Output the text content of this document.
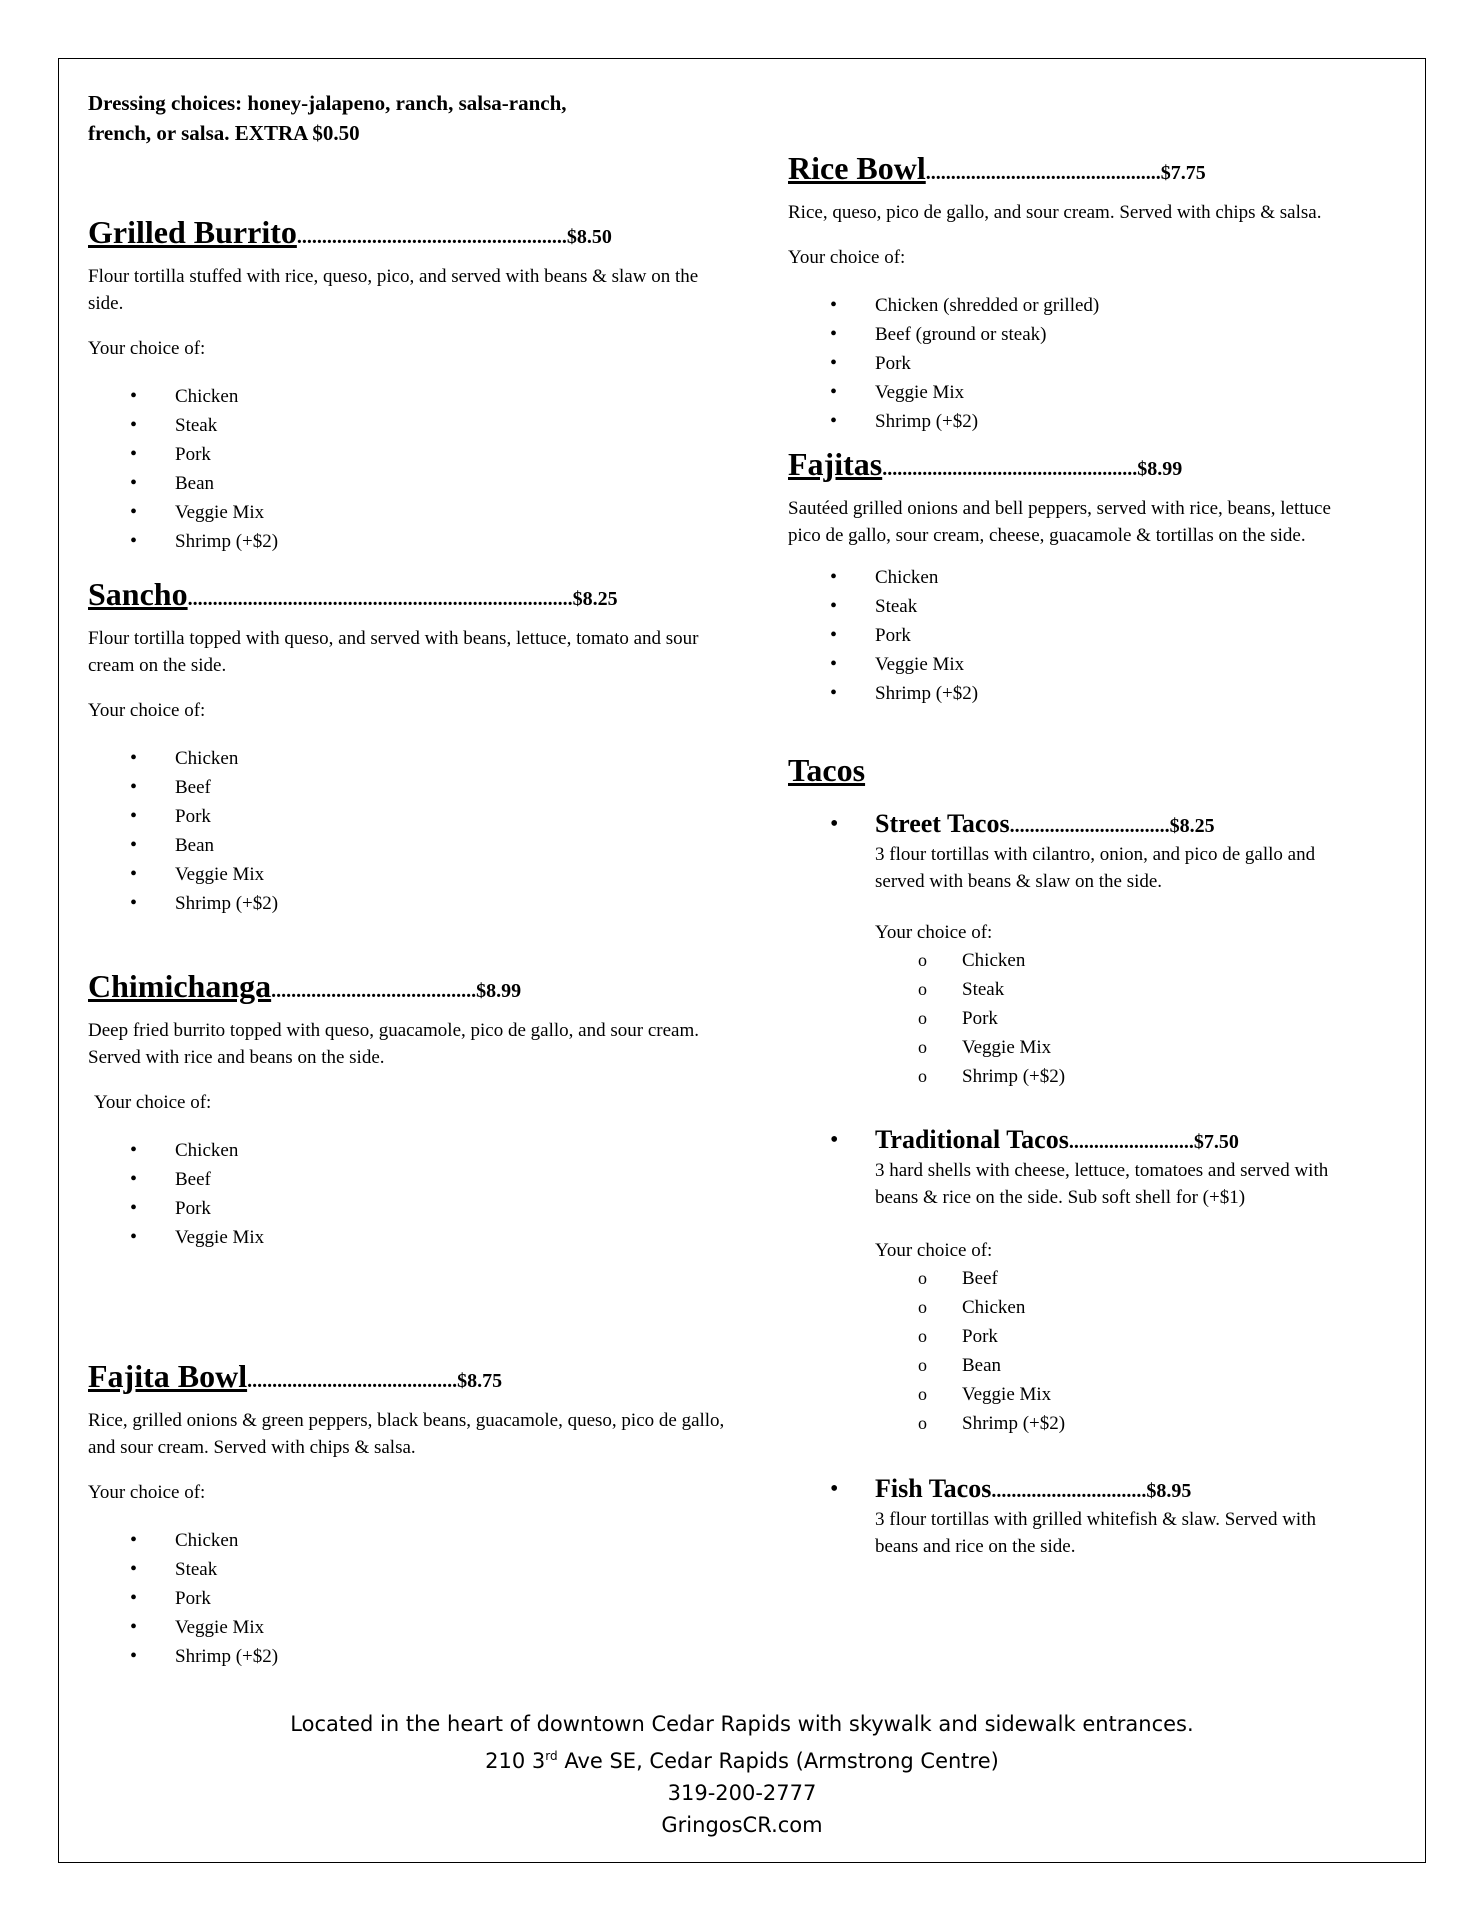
Dressing choices: honey-jalapeno, ranch, salsa-ranch,
french, or salsa. EXTRA $0.50

Grilled Burrito ...................................................... $8.50

Flour tortilla stuffed with rice, queso, pico, and served with beans & slaw on the side.

Your choice of:

• Chicken
• Steak
• Pork
• Bean
• Veggie Mix
• Shrimp (+$2)
Sancho ............................................................................. $8.25

Flour tortilla topped with queso, and served with beans, lettuce, tomato and sour cream on the side.

Your choice of:

• Chicken
• Beef
• Pork
• Bean
• Veggie Mix
• Shrimp (+$2)
Chimichanga ......................................... $8.99

Deep fried burrito topped with queso, guacamole, pico de gallo, and sour cream. Served with rice and beans on the side.

Your choice of:

• Chicken
• Beef
• Pork
• Veggie Mix
Fajita Bowl .......................................... $8.75

Rice, grilled onions & green peppers, black beans, guacamole, queso, pico de gallo, and sour cream. Served with chips & salsa.

Your choice of:

• Chicken
• Steak
• Pork
• Veggie Mix
• Shrimp (+$2)
Rice Bowl ............................................... $7.75

Rice, queso, pico de gallo, and sour cream. Served with chips & salsa.

Your choice of:

• Chicken (shredded or grilled)
• Beef (ground or steak)
• Pork
• Veggie Mix
• Shrimp (+$2)
Fajitas ................................................... $8.99

Sautéed grilled onions and bell peppers, served with rice, beans, lettuce pico de gallo, sour cream, cheese, guacamole & tortillas on the side.

• Chicken
• Steak
• Pork
• Veggie Mix
• Shrimp (+$2)
Tacos
• Street Tacos ................................ $8.25

3 flour tortillas with cilantro, onion, and pico de gallo and served with beans & slaw on the side.

Your choice of:

o Chicken
o Steak
o Pork
o Veggie Mix
o Shrimp (+$2)
• Traditional Tacos ......................... $7.50

3 hard shells with cheese, lettuce, tomatoes and served with beans & rice on the side. Sub soft shell for (+$1)

Your choice of:

o Beef
o Chicken
o Pork
o Bean
o Veggie Mix
o Shrimp (+$2)
• Fish Tacos ............................... $8.95

3 flour tortillas with grilled whitefish & slaw. Served with beans and rice on the side.

Located in the heart of downtown Cedar Rapids with skywalk and sidewalk entrances.
210 3rd Ave SE, Cedar Rapids (Armstrong Centre)
319-200-2777
GringosCR.com
